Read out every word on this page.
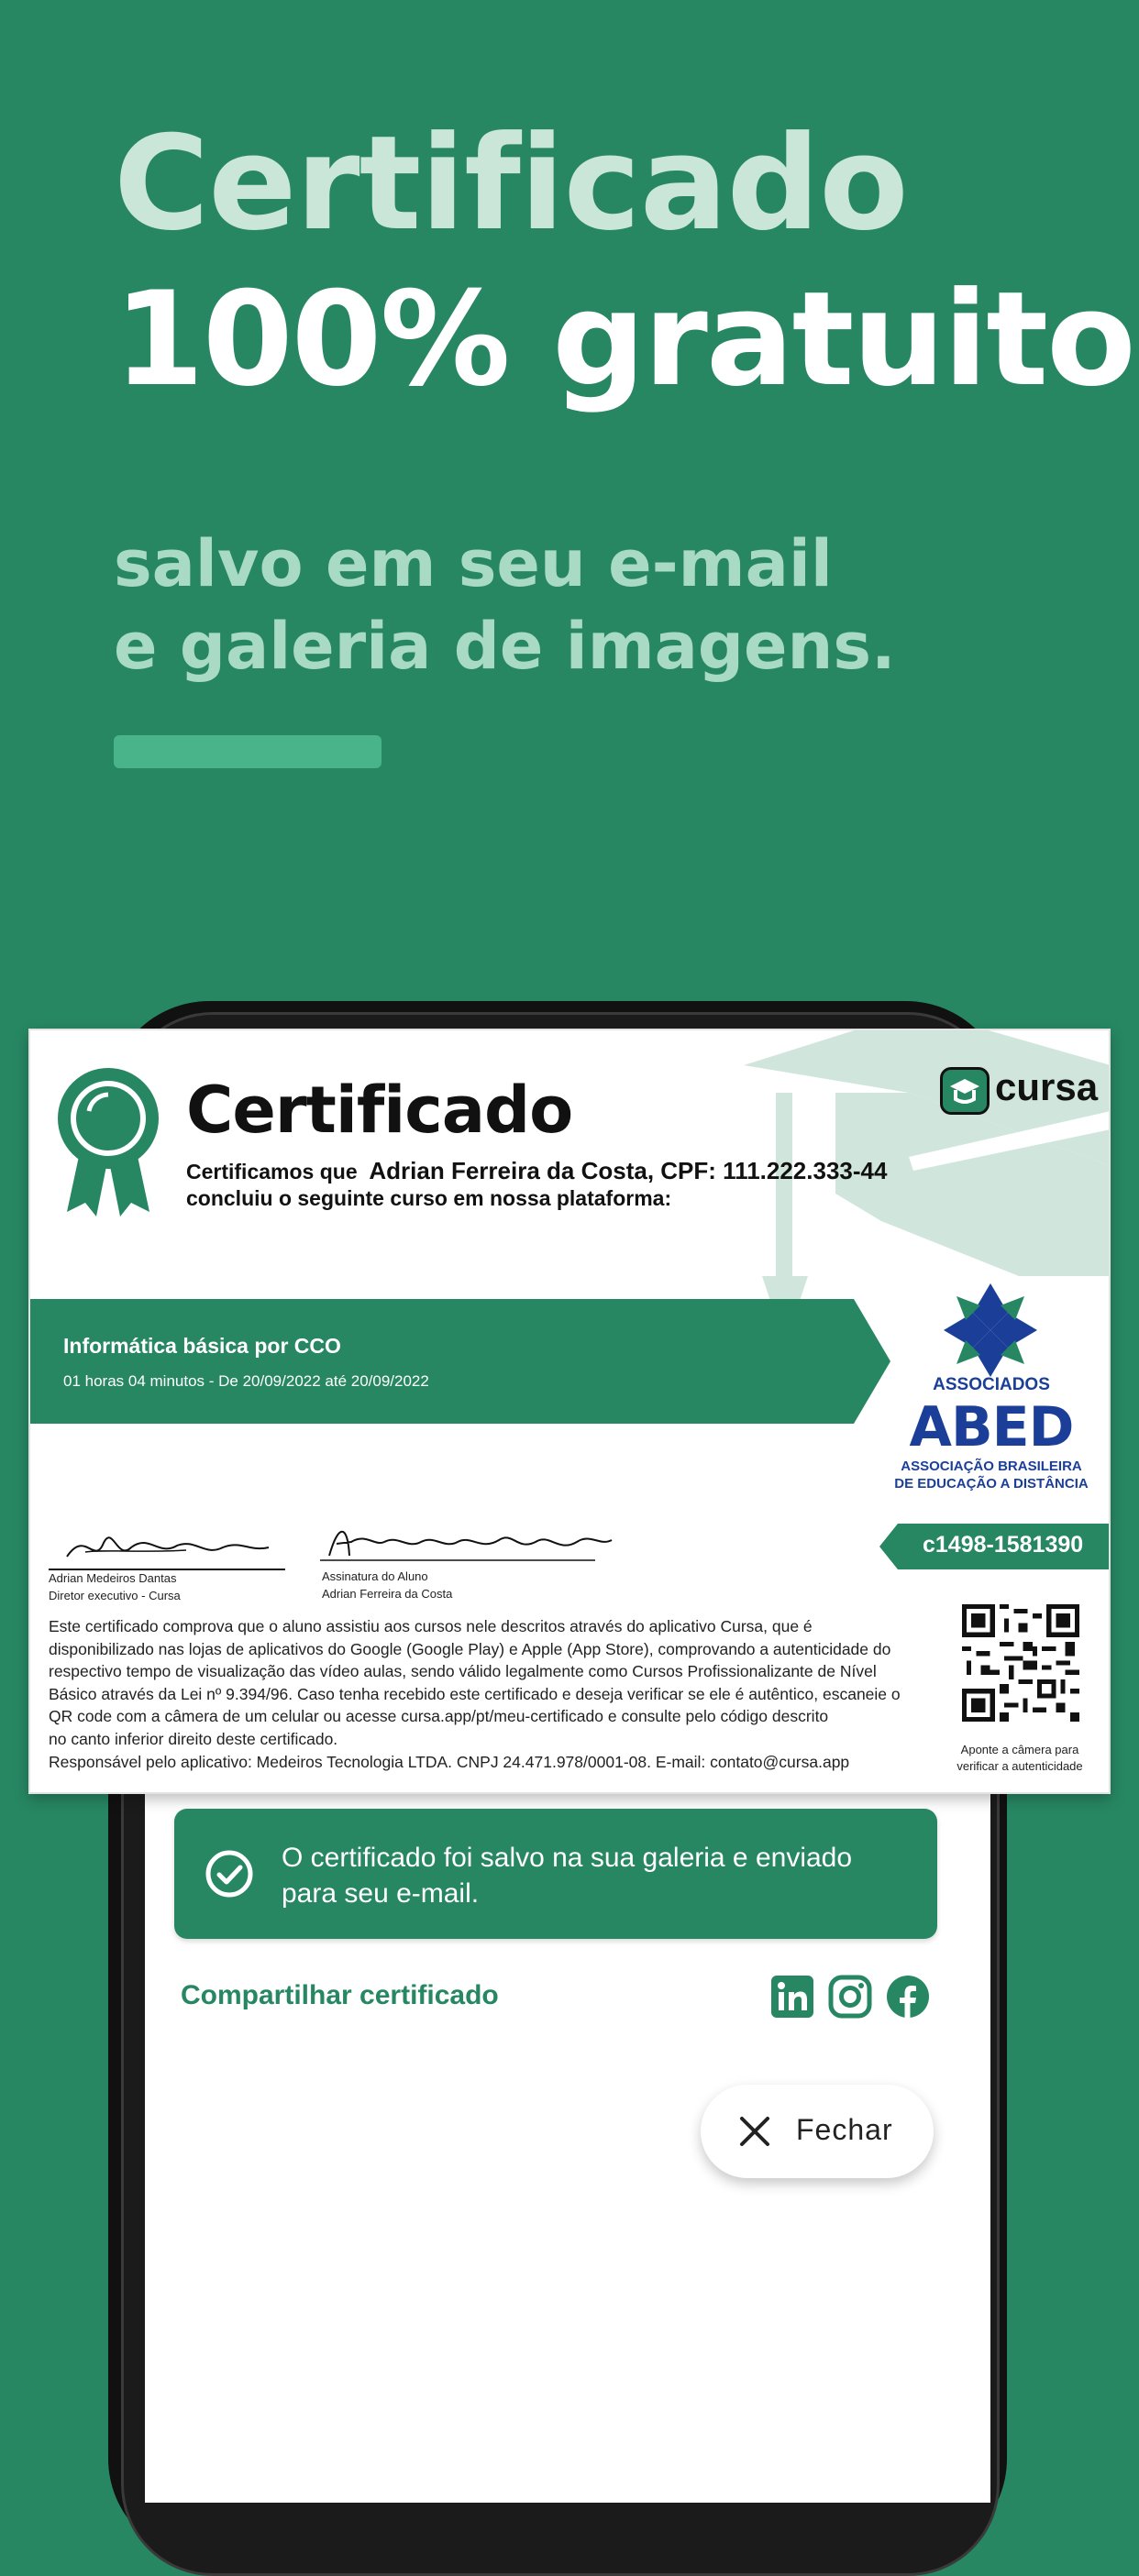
Certificado
100% gratuito
salvo em seu e-mail
e galeria de imagens.
Certificado
Certificamos que Adrian Ferreira da Costa, CPF: 111.222.333-44
concluiu o seguinte curso em nossa plataforma:
cursa
Informática básica por CCO
01 horas 04 minutos - De 20/09/2022 até 20/09/2022	ASSOCIADOS
ABED
ASSOCIAÇÃO BRASILEIRA
DE EDUCAÇÃO A DISTÂNCIA
c1498-1581390
Adrian Medeiros Dantas
Diretor executivo - Cursa
Assinatura do Aluno
Adrian Ferreira da Costa
Este certificado comprova que o aluno assistiu aos cursos nele descritos através do aplicativo Cursa, que é
disponibilizado nas lojas de aplicativos do Google (Google Play) e Apple (App Store), comprovando a autenticidade do
respectivo tempo de visualização das vídeo aulas, sendo válido legalmente como Cursos Profissionalizante de Nível
Básico através da Lei nº 9.394/96. Caso tenha recebido este certificado e deseja verificar se ele é autêntico, escaneie o
QR code com a câmera de um celular ou acesse cursa.app/pt/meu-certificado e consulte pelo código descrito
no canto inferior direito deste certificado.
Responsável pelo aplicativo: Medeiros Tecnologia LTDA. CNPJ 24.471.978/0001-08. E-mail: contato@cursa.app
Aponte a câmera para
verificar a autenticidade
O certificado foi salvo na sua galeria e enviado para seu e-mail.
Compartilhar certificado
Fechar
